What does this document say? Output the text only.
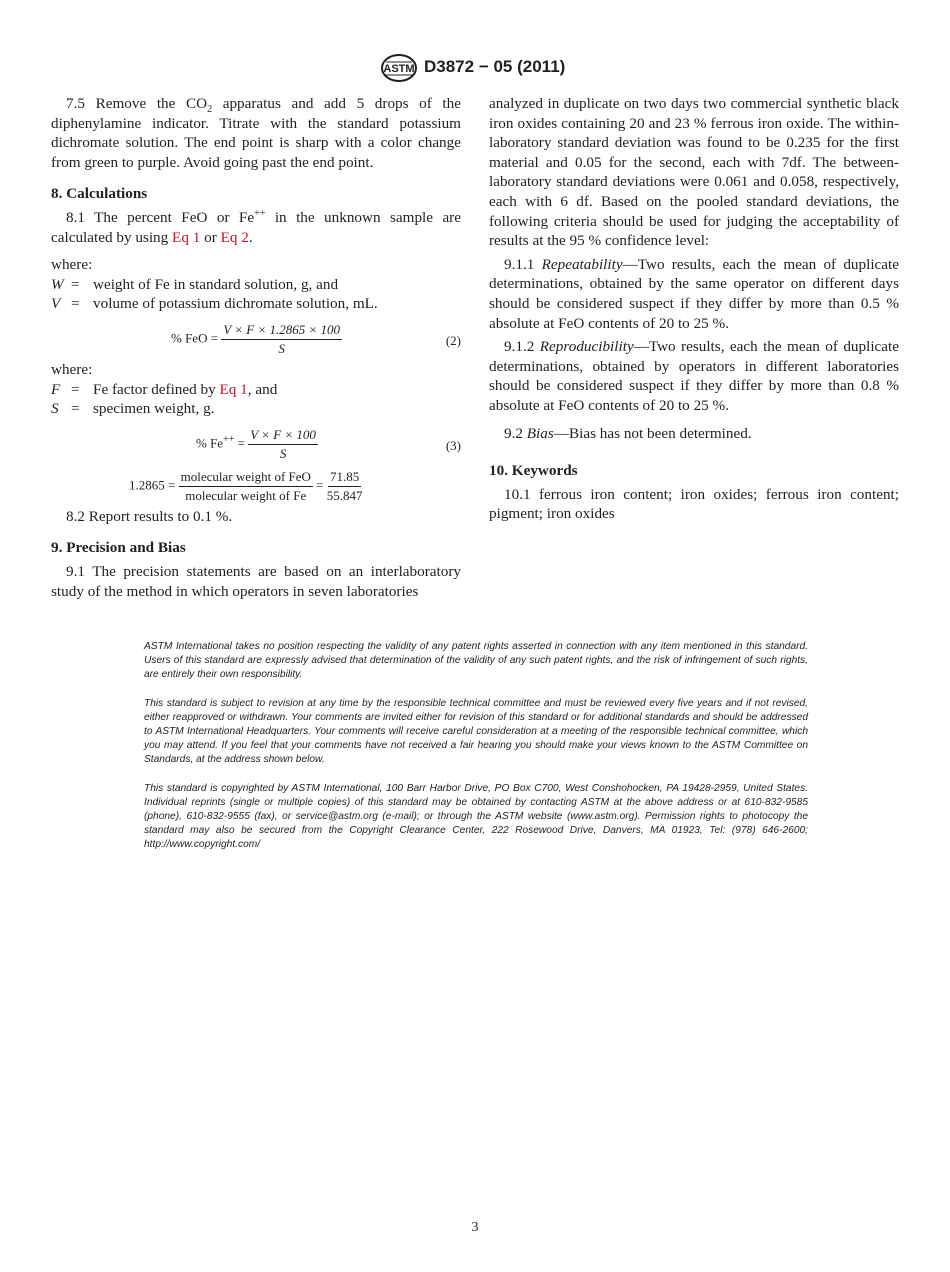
ASTM D3872 − 05 (2011)

7.5 Remove the $CO_2$ apparatus and add 5 drops of the diphenylamine indicator. Titrate with the standard potassium dichromate solution. The end point is sharp with a color change from green to purple. Avoid going past the end point.

8. Calculations

8.1 The percent FeO or Fe++ in the unknown sample are calculated by using Eq 1 or Eq 2.

where:

W = weight of Fe in standard solution, g, and
V = volume of potassium dichromate solution, mL.
% FeO = $\frac{V \times F \times 1.2865 \times 100}{S}$	(2)

where:

F = Fe factor defined by Eq 1, and
S = specimen weight, g.
% $Fe^{++} = \frac{V \times F \times 100}{S}$	(3)
$1.2865 = \frac{\text{molecular weight of FeO}}{\text{molecular weight of Fe}} = \frac{71.85}{55.847}$

8.2 Report results to 0.1 %.

9. Precision and Bias

9.1 The precision statements are based on an interlaboratory study of the method in which operators in seven laboratories

analyzed in duplicate on two days two commercial synthetic black iron oxides containing 20 and 23 % ferrous iron oxide. The within-laboratory standard deviation was found to be 0.235 for the first material and 0.05 for the second, each with 7df. The between-laboratory standard deviations were 0.061 and 0.058, respectively, each with 6 df. Based on the pooled standard deviations, the following criteria should be used for judging the acceptability of results at the 95 % confidence level:

9.1.1 Repeatability—Two results, each the mean of duplicate determinations, obtained by the same operator on different days should be considered suspect if they differ by more than 0.5 % absolute at FeO contents of 20 to 25 %.

9.1.2 Reproducibility—Two results, each the mean of duplicate determinations, obtained by operators in different laboratories should be considered suspect if they differ by more than 0.8 % absolute at FeO contents of 20 to 25 %.

9.2 Bias—Bias has not been determined.

10. Keywords

10.1 ferrous iron content; iron oxides; ferrous iron content; pigment; iron oxides

ASTM International takes no position respecting the validity of any patent rights asserted in connection with any item mentioned in this standard. Users of this standard are expressly advised that determination of the validity of any such patent rights, and the risk of infringement of such rights, are entirely their own responsibility.

This standard is subject to revision at any time by the responsible technical committee and must be reviewed every five years and if not revised, either reapproved or withdrawn. Your comments are invited either for revision of this standard or for additional standards and should be addressed to ASTM International Headquarters. Your comments will receive careful consideration at a meeting of the responsible technical committee, which you may attend. If you feel that your comments have not received a fair hearing you should make your views known to the ASTM Committee on Standards, at the address shown below.

This standard is copyrighted by ASTM International, 100 Barr Harbor Drive, PO Box C700, West Conshohocken, PA 19428-2959, United States. Individual reprints (single or multiple copies) of this standard may be obtained by contacting ASTM at the above address or at 610-832-9585 (phone), 610-832-9555 (fax), or service@astm.org (e-mail); or through the ASTM website (www.astm.org). Permission rights to photocopy the standard may also be secured from the Copyright Clearance Center, 222 Rosewood Drive, Danvers, MA 01923, Tel: (978) 646-2600; http://www.copyright.com/

3
